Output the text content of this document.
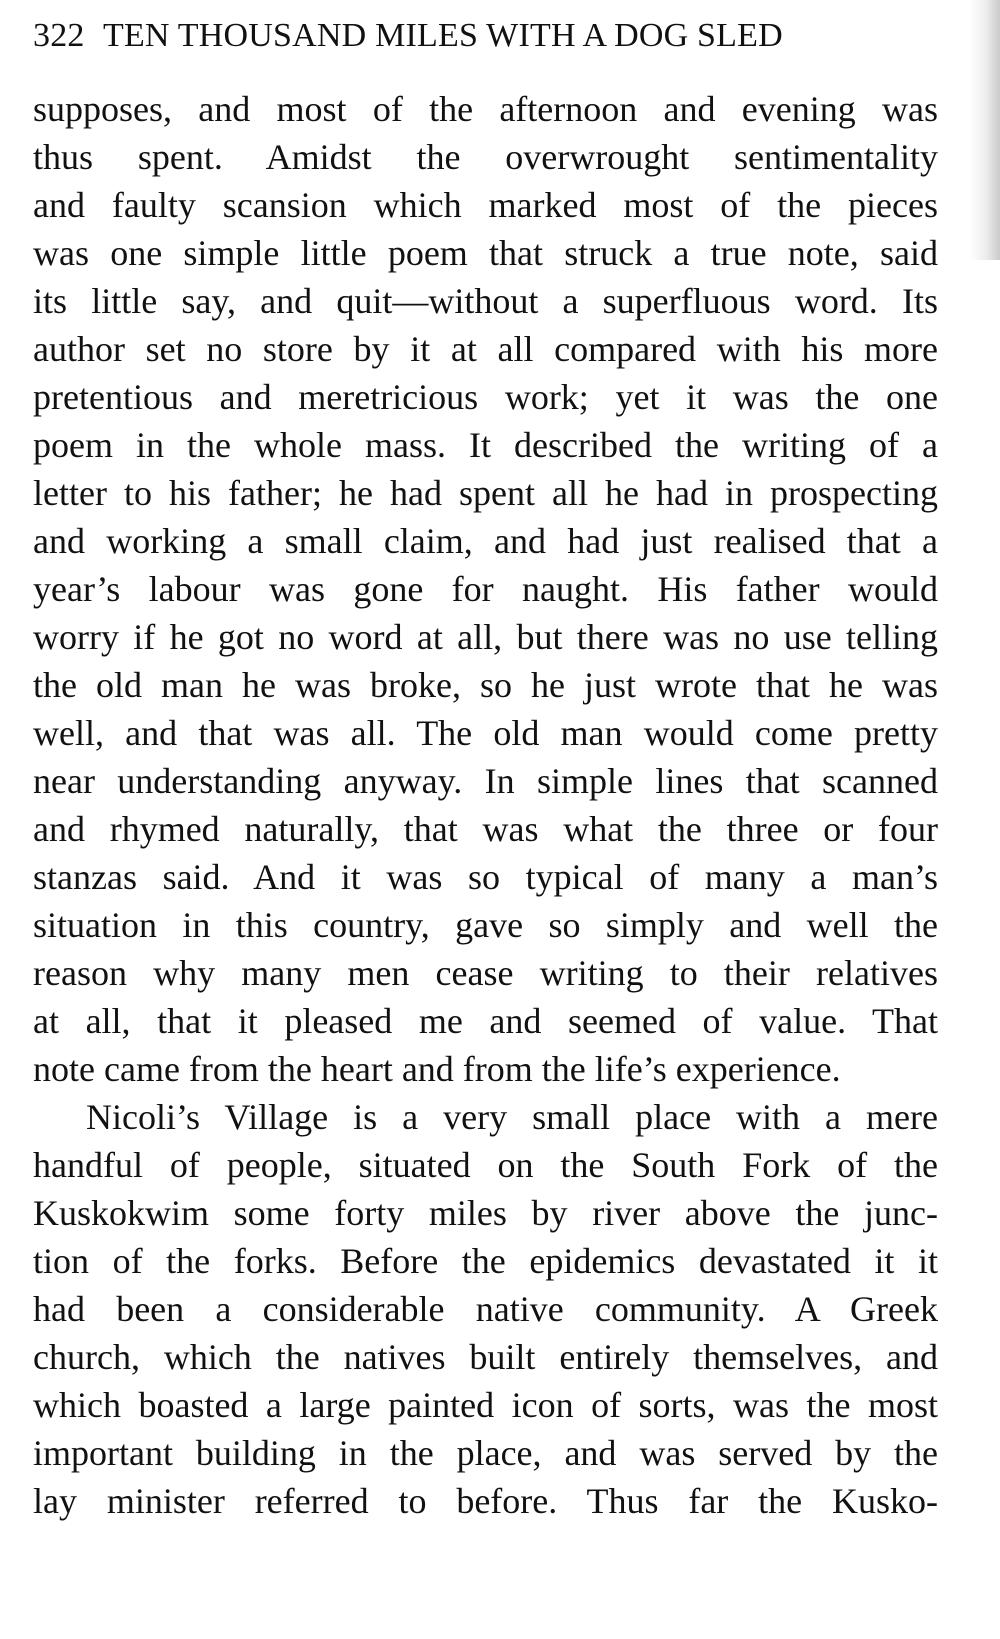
322 TEN THOUSAND MILES WITH A DOG SLED
supposes, and most of the afternoon and evening was
thus spent. Amidst the overwrought sentimentality
and faulty scansion which marked most of the pieces
was one simple little poem that struck a true note, said
its little say, and quit—without a superfluous word. Its
author set no store by it at all compared with his more
pretentious and meretricious work; yet it was the one
poem in the whole mass. It described the writing of a
letter to his father; he had spent all he had in prospecting
and working a small claim, and had just realised that a
year’s labour was gone for naught. His father would
worry if he got no word at all, but there was no use telling
the old man he was broke, so he just wrote that he was
well, and that was all. The old man would come pretty
near understanding anyway. In simple lines that scanned
and rhymed naturally, that was what the three or four
stanzas said. And it was so typical of many a man’s
situation in this country, gave so simply and well the
reason why many men cease writing to their relatives
at all, that it pleased me and seemed of value. That
note came from the heart and from the life’s experience.
Nicoli’s Village is a very small place with a mere
handful of people, situated on the South Fork of the
Kuskokwim some forty miles by river above the junc-
tion of the forks. Before the epidemics devastated it it
had been a considerable native community. A Greek
church, which the natives built entirely themselves, and
which boasted a large painted icon of sorts, was the most
important building in the place, and was served by the
lay minister referred to before. Thus far the Kusko-
